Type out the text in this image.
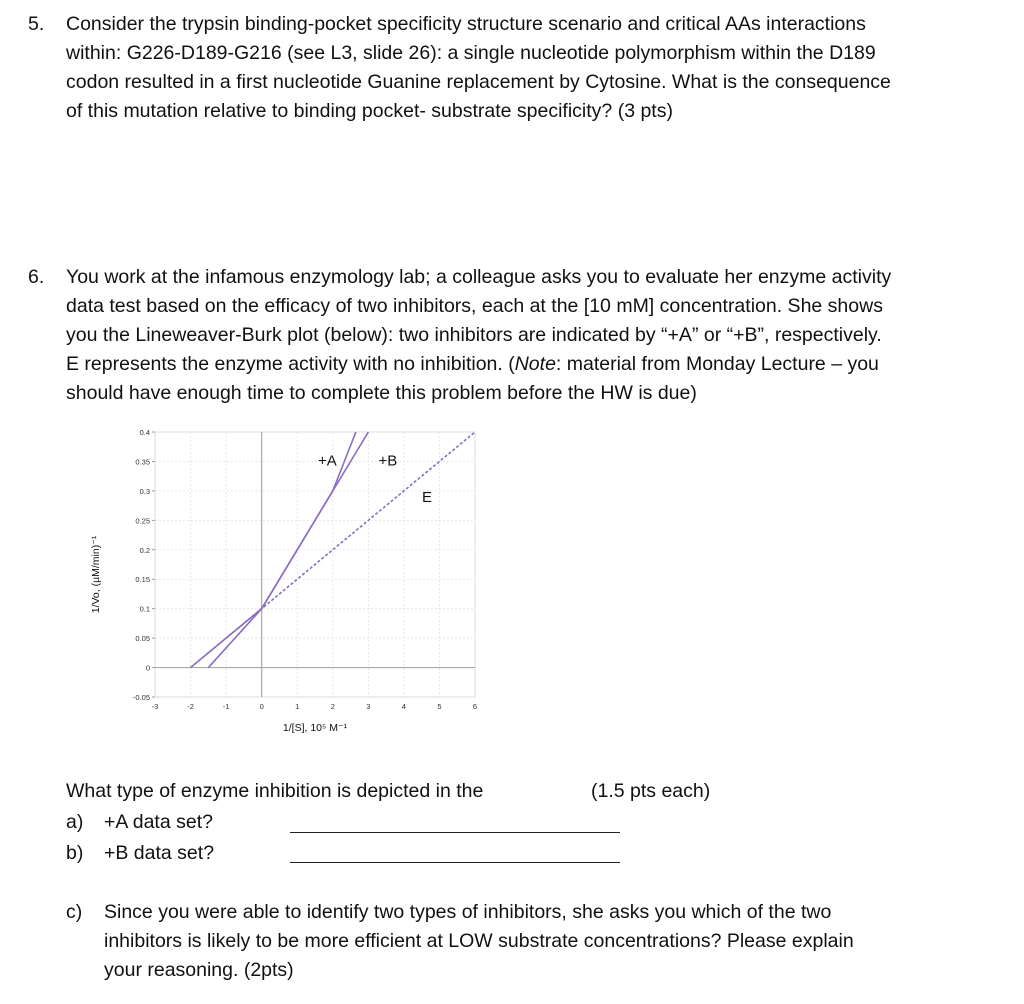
5.	Consider the trypsin binding-pocket specificity structure scenario and critical AAs interactions
within: G226-D189-G216 (see L3, slide 26): a single nucleotide polymorphism within the D189
codon resulted in a first nucleotide Guanine replacement by Cytosine. What is the consequence
of this mutation relative to binding pocket- substrate specificity? (3 pts)
6.	You work at the infamous enzymology lab; a colleague asks you to evaluate her enzyme activity
data test based on the efficacy of two inhibitors, each at the [10 mM] concentration. She shows
you the Lineweaver-Burk plot (below): two inhibitors are indicated by “+A” or “+B”, respectively.
E represents the enzyme activity with no inhibition. (Note: material from Monday Lecture – you
should have enough time to complete this problem before the HW is due)
-3	-2	-1	0	1	2	3	4	5	6
-0.05
0
0.05
0.1
0.15
0.2
0.25
0.3
0.35
0.4
E
+A	+B
1/[S], 10⁵ M⁻¹
1/Vo, (µM/min)⁻¹
What type of enzyme inhibition is depicted in the	(1.5 pts each)
a) +A data set?
b) +B data set?
c) Since you were able to identify two types of inhibitors, she asks you which of the two
inhibitors is likely to be more efficient at LOW substrate concentrations? Please explain
your reasoning. (2pts)
